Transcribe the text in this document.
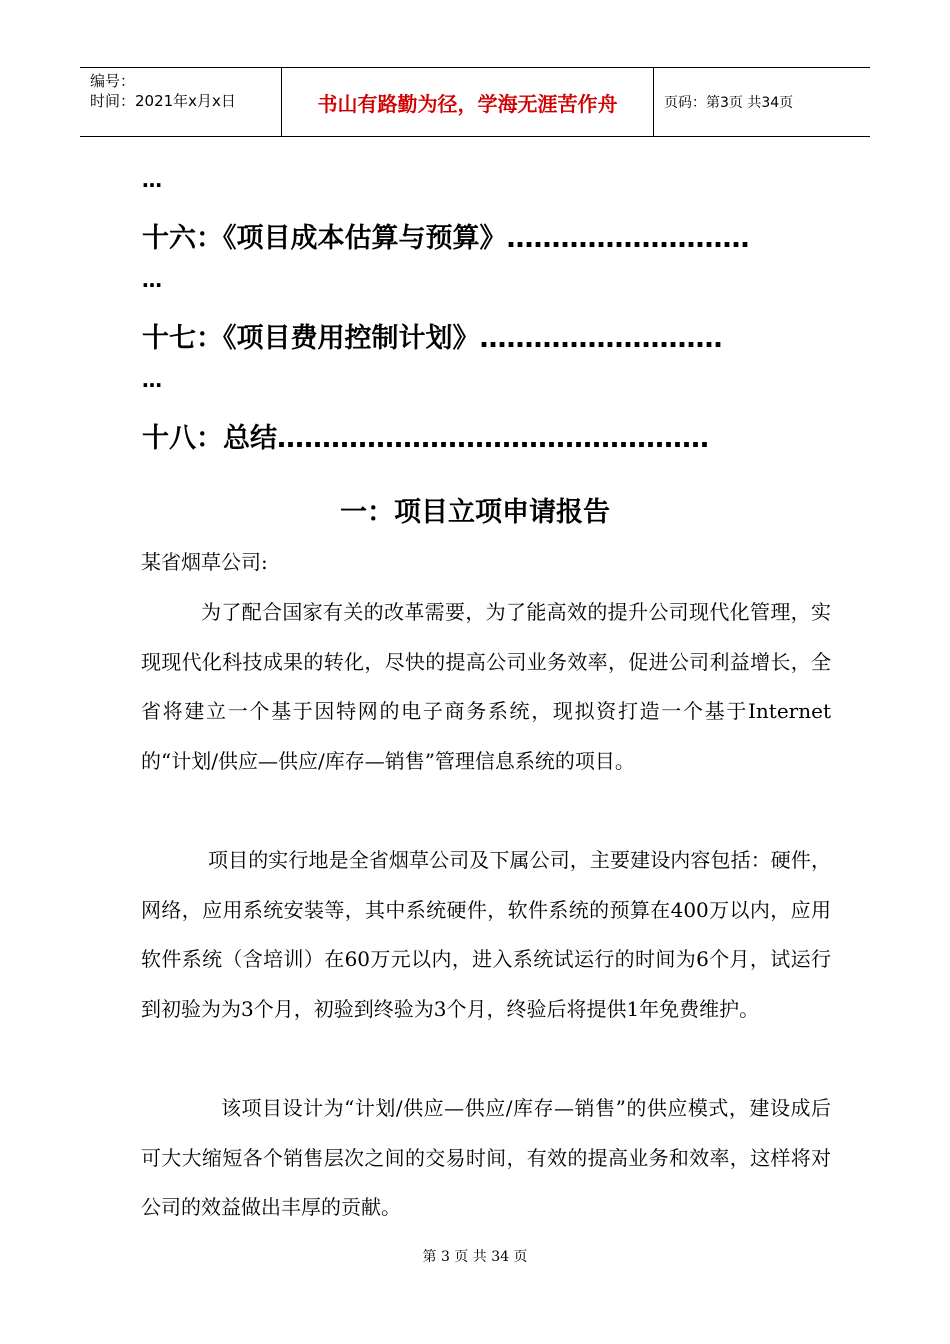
编号：
时间：2021年x月x日	书山有路勤为径，学海无涯苦作舟	页码：第3页 共34页
…
十六：《项目成本估算与预算》………………………
…
十七：《项目费用控制计划》………………………
…
十八：总结…………………………………………
一：项目立项申请报告

某省烟草公司:

为了配合国家有关的改革需要，为了能高效的提升公司现代化管理，实现现代化科技成果的转化，尽快的提高公司业务效率，促进公司利益增长，全省将建立一个基于因特网的电子商务系统，现拟资打造一个基于Internet的“计划/供应—供应/库存—销售”管理信息系统的项目。

项目的实行地是全省烟草公司及下属公司，主要建设内容包括：硬件，网络，应用系统安装等，其中系统硬件，软件系统的预算在400万以内，应用软件系统（含培训）在60万元以内，进入系统试运行的时间为6个月，试运行到初验为为3个月，初验到终验为3个月，终验后将提供1年免费维护。

该项目设计为“计划/供应—供应/库存—销售”的供应模式，建设成后可大大缩短各个销售层次之间的交易时间，有效的提高业务和效率，这样将对公司的效益做出丰厚的贡献。

第 3 页 共 34 页
